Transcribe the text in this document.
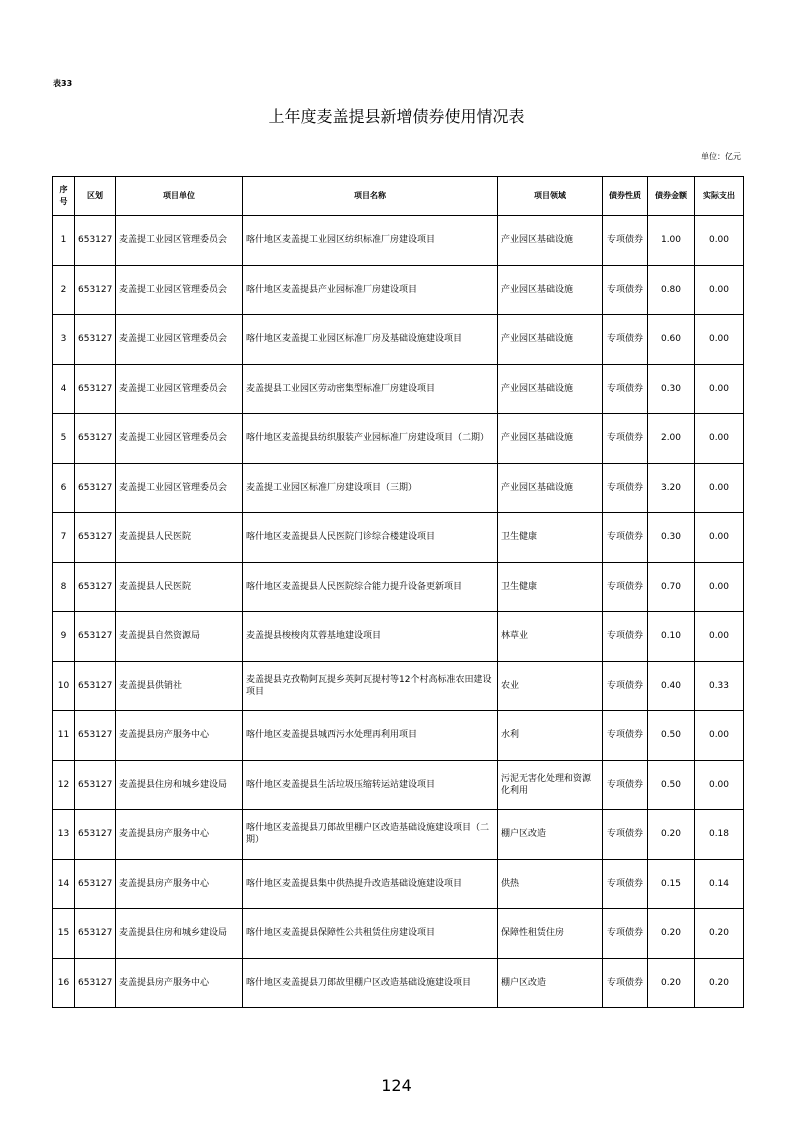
表33
上年度麦盖提县新增债券使用情况表
单位：亿元
序号	区划	项目单位	项目名称	项目领域	债券性质	债券金额	实际支出
1	653127	麦盖提工业园区管理委员会	喀什地区麦盖提工业园区纺织标准厂房建设项目	产业园区基础设施	专项债券	1.00	0.00
2	653127	麦盖提工业园区管理委员会	喀什地区麦盖提县产业园标准厂房建设项目	产业园区基础设施	专项债券	0.80	0.00
3	653127	麦盖提工业园区管理委员会	喀什地区麦盖提工业园区标准厂房及基础设施建设项目	产业园区基础设施	专项债券	0.60	0.00
4	653127	麦盖提工业园区管理委员会	麦盖提县工业园区劳动密集型标准厂房建设项目	产业园区基础设施	专项债券	0.30	0.00
5	653127	麦盖提工业园区管理委员会	喀什地区麦盖提县纺织服装产业园标准厂房建设项目（二期）	产业园区基础设施	专项债券	2.00	0.00
6	653127	麦盖提工业园区管理委员会	麦盖提工业园区标准厂房建设项目（三期）	产业园区基础设施	专项债券	3.20	0.00
7	653127	麦盖提县人民医院	喀什地区麦盖提县人民医院门诊综合楼建设项目	卫生健康	专项债券	0.30	0.00
8	653127	麦盖提县人民医院	喀什地区麦盖提县人民医院综合能力提升设备更新项目	卫生健康	专项债券	0.70	0.00
9	653127	麦盖提县自然资源局	麦盖提县梭梭肉苁蓉基地建设项目	林草业	专项债券	0.10	0.00
10	653127	麦盖提县供销社	麦盖提县克孜勒阿瓦提乡英阿瓦提村等12个村高标准农田建设项目	农业	专项债券	0.40	0.33
11	653127	麦盖提县房产服务中心	喀什地区麦盖提县城西污水处理再利用项目	水利	专项债券	0.50	0.00
12	653127	麦盖提县住房和城乡建设局	喀什地区麦盖提县生活垃圾压缩转运站建设项目	污泥无害化处理和资源化利用	专项债券	0.50	0.00
13	653127	麦盖提县房产服务中心	喀什地区麦盖提县刀郎故里棚户区改造基础设施建设项目（二期）	棚户区改造	专项债券	0.20	0.18
14	653127	麦盖提县房产服务中心	喀什地区麦盖提县集中供热提升改造基础设施建设项目	供热	专项债券	0.15	0.14
15	653127	麦盖提县住房和城乡建设局	喀什地区麦盖提县保障性公共租赁住房建设项目	保障性租赁住房	专项债券	0.20	0.20
16	653127	麦盖提县房产服务中心	喀什地区麦盖提县刀郎故里棚户区改造基础设施建设项目	棚户区改造	专项债券	0.20	0.20
124
